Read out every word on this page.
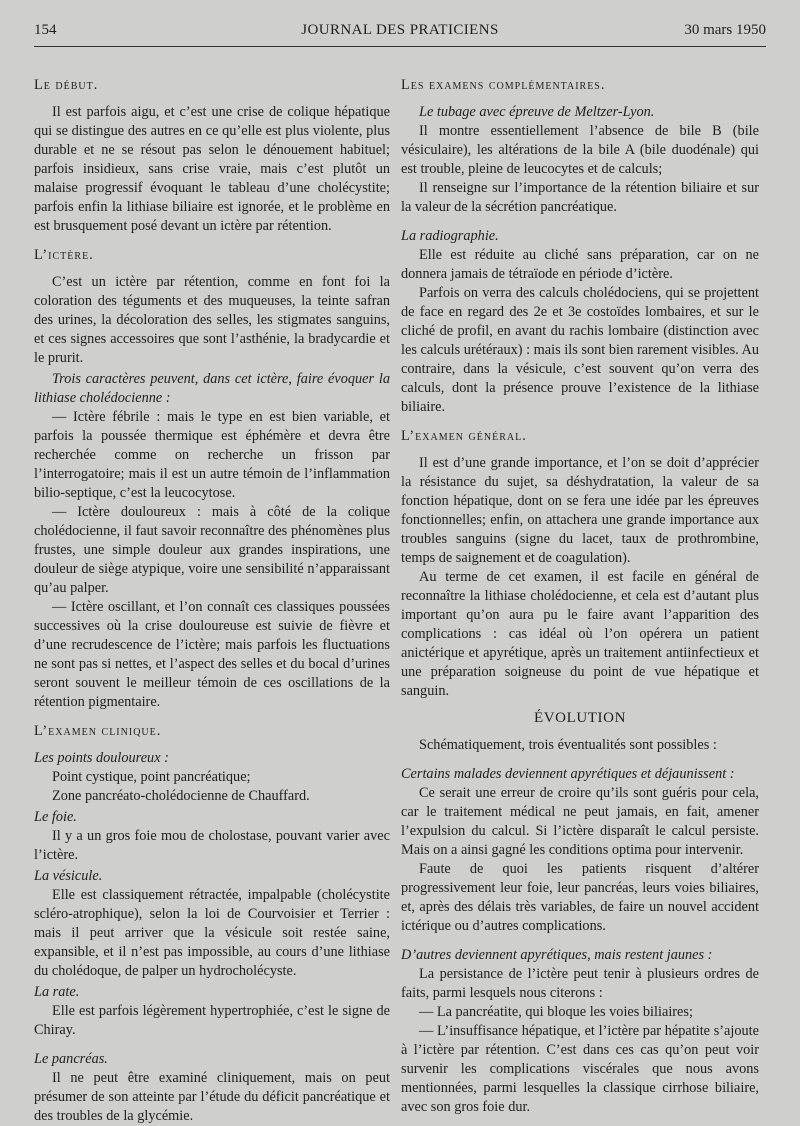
154	JOURNAL DES PRATICIENS	30 mars 1950

Le début.

Il est parfois aigu, et c’est une crise de colique hépatique qui se distingue des autres en ce qu’elle est plus violente, plus durable et ne se résout pas selon le dénouement habituel; parfois insidieux, sans crise vraie, mais c’est plutôt un malaise progressif évoquant le tableau d’une cholécystite; parfois enfin la lithiase biliaire est ignorée, et le problème en est brusquement posé devant un ictère par rétention.

L’ictère.

C’est un ictère par rétention, comme en font foi la coloration des téguments et des muqueuses, la teinte safran des urines, la décoloration des selles, les stigmates sanguins, et ces signes accessoires que sont l’asthénie, la bradycardie et le prurit.

Trois caractères peuvent, dans cet ictère, faire évoquer la lithiase cholédocienne :

— Ictère fébrile : mais le type en est bien variable, et parfois la poussée thermique est éphémère et devra être recherchée comme on recherche un frisson par l’interrogatoire; mais il est un autre témoin de l’inflammation bilio-septique, c’est la leucocytose.

— Ictère douloureux : mais à côté de la colique cholédocienne, il faut savoir reconnaître des phénomènes plus frustes, une simple douleur aux grandes inspirations, une douleur de siège atypique, voire une sensibilité n’apparaissant qu’au palper.

— Ictère oscillant, et l’on connaît ces classiques poussées successives où la crise douloureuse est suivie de fièvre et d’une recrudescence de l’ictère; mais parfois les fluctuations ne sont pas si nettes, et l’aspect des selles et du bocal d’urines seront souvent le meilleur témoin de ces oscillations de la rétention pigmentaire.

L’examen clinique.

Les points douloureux :

Point cystique, point pancréatique;

Zone pancréato-cholédocienne de Chauffard.

Le foie.

Il y a un gros foie mou de cholostase, pouvant varier avec l’ictère.

La vésicule.

Elle est classiquement rétractée, impalpable (cholécystite scléro-atrophique), selon la loi de Courvoisier et Terrier : mais il peut arriver que la vésicule soit restée saine, expansible, et il n’est pas impossible, au cours d’une lithiase du cholédoque, de palper un hydrocholécyste.

La rate.

Elle est parfois légèrement hypertrophiée, c’est le signe de Chiray.

Le pancréas.

Il ne peut être examiné cliniquement, mais on peut présumer de son atteinte par l’étude du déficit pancréatique et des troubles de la glycémie.

Les examens complémentaires.

Le tubage avec épreuve de Meltzer-Lyon.

Il montre essentiellement l’absence de bile B (bile vésiculaire), les altérations de la bile A (bile duodénale) qui est trouble, pleine de leucocytes et de calculs;

Il renseigne sur l’importance de la rétention biliaire et sur la valeur de la sécrétion pancréatique.

La radiographie.

Elle est réduite au cliché sans préparation, car on ne donnera jamais de tétraïode en période d’ictère.

Parfois on verra des calculs cholédociens, qui se projettent de face en regard des 2e et 3e costoïdes lombaires, et sur le cliché de profil, en avant du rachis lombaire (distinction avec les calculs urétéraux) : mais ils sont bien rarement visibles. Au contraire, dans la vésicule, c’est souvent qu’on verra des calculs, dont la présence prouve l’existence de la lithiase biliaire.

L’examen général.

Il est d’une grande importance, et l’on se doit d’apprécier la résistance du sujet, sa déshydratation, la valeur de sa fonction hépatique, dont on se fera une idée par les épreuves fonctionnelles; enfin, on attachera une grande importance aux troubles sanguins (signe du lacet, taux de prothrombine, temps de saignement et de coagulation).

Au terme de cet examen, il est facile en général de reconnaître la lithiase cholédocienne, et cela est d’autant plus important qu’on aura pu le faire avant l’apparition des complications : cas idéal où l’on opérera un patient anictérique et apyrétique, après un traitement antiinfectieux et une préparation soigneuse du point de vue hépatique et sanguin.

ÉVOLUTION

Schématiquement, trois éventualités sont possibles :

Certains malades deviennent apyrétiques et déjaunissent :

Ce serait une erreur de croire qu’ils sont guéris pour cela, car le traitement médical ne peut jamais, en fait, amener l’expulsion du calcul. Si l’ictère disparaît le calcul persiste. Mais on a ainsi gagné les conditions optima pour intervenir.

Faute de quoi les patients risquent d’altérer progressivement leur foie, leur pancréas, leurs voies biliaires, et, après des délais très variables, de faire un nouvel accident ictérique ou d’autres complications.

D’autres deviennent apyrétiques, mais restent jaunes :

La persistance de l’ictère peut tenir à plusieurs ordres de faits, parmi lesquels nous citerons :

— La pancréatite, qui bloque les voies biliaires;

— L’insuffisance hépatique, et l’ictère par hépatite s’ajoute à l’ictère par rétention. C’est dans ces cas qu’on peut voir survenir les complications viscérales que nous avons mentionnées, parmi lesquelles la classique cirrhose biliaire, avec son gros foie dur.
